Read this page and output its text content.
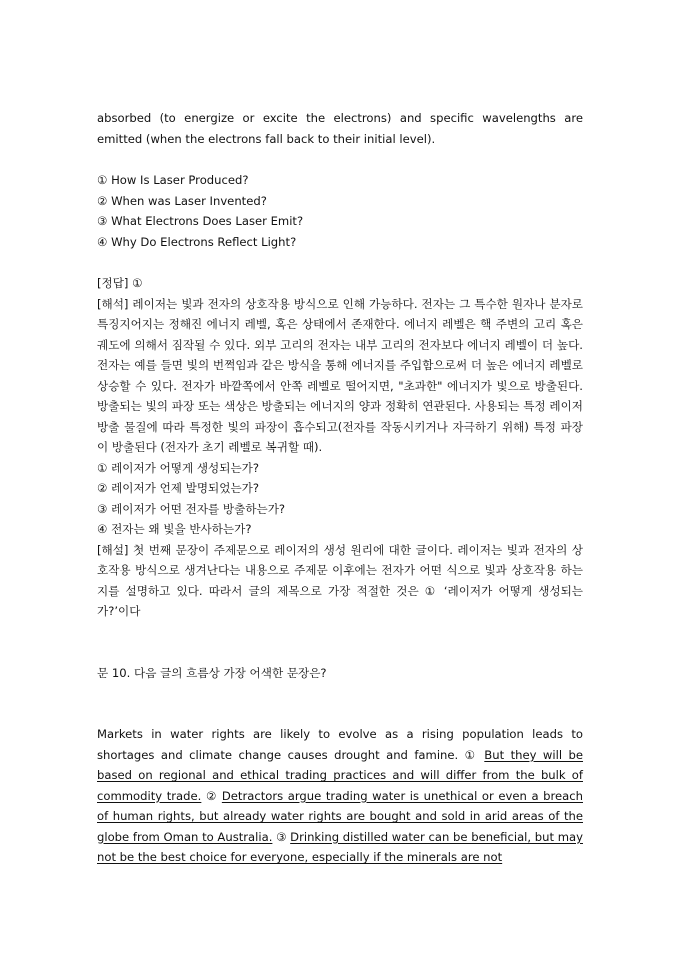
absorbed (to energize or excite the electrons) and specific wavelengths are emitted (when the electrons fall back to their initial level).

① How Is Laser Produced?

② When was Laser Invented?

③ What Electrons Does Laser Emit?

④ Why Do Electrons Reflect Light?

[정답] ①

[해석] 레이저는 빛과 전자의 상호작용 방식으로 인해 가능하다. 전자는 그 특수한 원자나 분자로 특징지어지는 정해진 에너지 레벨, 혹은 상태에서 존재한다. 에너지 레벨은 핵 주변의 고리 혹은 궤도에 의해서 짐작될 수 있다. 외부 고리의 전자는 내부 고리의 전자보다 에너지 레벨이 더 높다. 전자는 예를 들면 빛의 번쩍임과 같은 방식을 통해 에너지를 주입함으로써 더 높은 에너지 레벨로 상승할 수 있다. 전자가 바깥쪽에서 안쪽 레벨로 떨어지면, "초과한" 에너지가 빛으로 방출된다. 방출되는 빛의 파장 또는 색상은 방출되는 에너지의 양과 정확히 연관된다. 사용되는 특정 레이저 방출 물질에 따라 특정한 빛의 파장이 흡수되고(전자를 작동시키거나 자극하기 위해) 특정 파장이 방출된다 (전자가 초기 레벨로 복귀할 때).

① 레이저가 어떻게 생성되는가?

② 레이저가 언제 발명되었는가?

③ 레이저가 어떤 전자를 방출하는가?

④ 전자는 왜 빛을 반사하는가?

[해설] 첫 번째 문장이 주제문으로 레이저의 생성 원리에 대한 글이다. 레이저는 빛과 전자의 상호작용 방식으로 생겨난다는 내용으로 주제문 이후에는 전자가 어떤 식으로 빛과 상호작용 하는지를 설명하고 있다. 따라서 글의 제목으로 가장 적절한 것은 ① ‘레이저가 어떻게 생성되는가?’이다

문 10. 다음 글의 흐름상 가장 어색한 문장은?

Markets in water rights are likely to evolve as a rising population leads to shortages and climate change causes drought and famine. ① But they will be based on regional and ethical trading practices and will differ from the bulk of commodity trade. ② Detractors argue trading water is unethical or even a breach of human rights, but already water rights are bought and sold in arid areas of the globe from Oman to Australia. ③ Drinking distilled water can be beneficial, but may not be the best choice for everyone, especially if the minerals are not
